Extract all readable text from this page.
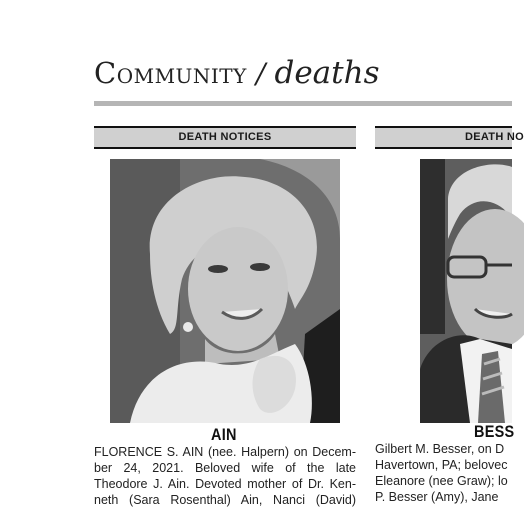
Community / deaths
DEATH NOTICES
AIN
FLORENCE S. AIN (nee. Halpern) on Decem-
ber 24, 2021. Beloved wife of the late
Theodore J. Ain. Devoted mother of Dr. Ken-
neth (Sara Rosenthal) Ain, Nanci (David)
DEATH NO
BESS
Gilbert M. Besser, on D
Havertown, PA; belovec
Eleanore (nee Graw); lo
P. Besser (Amy), Jane
